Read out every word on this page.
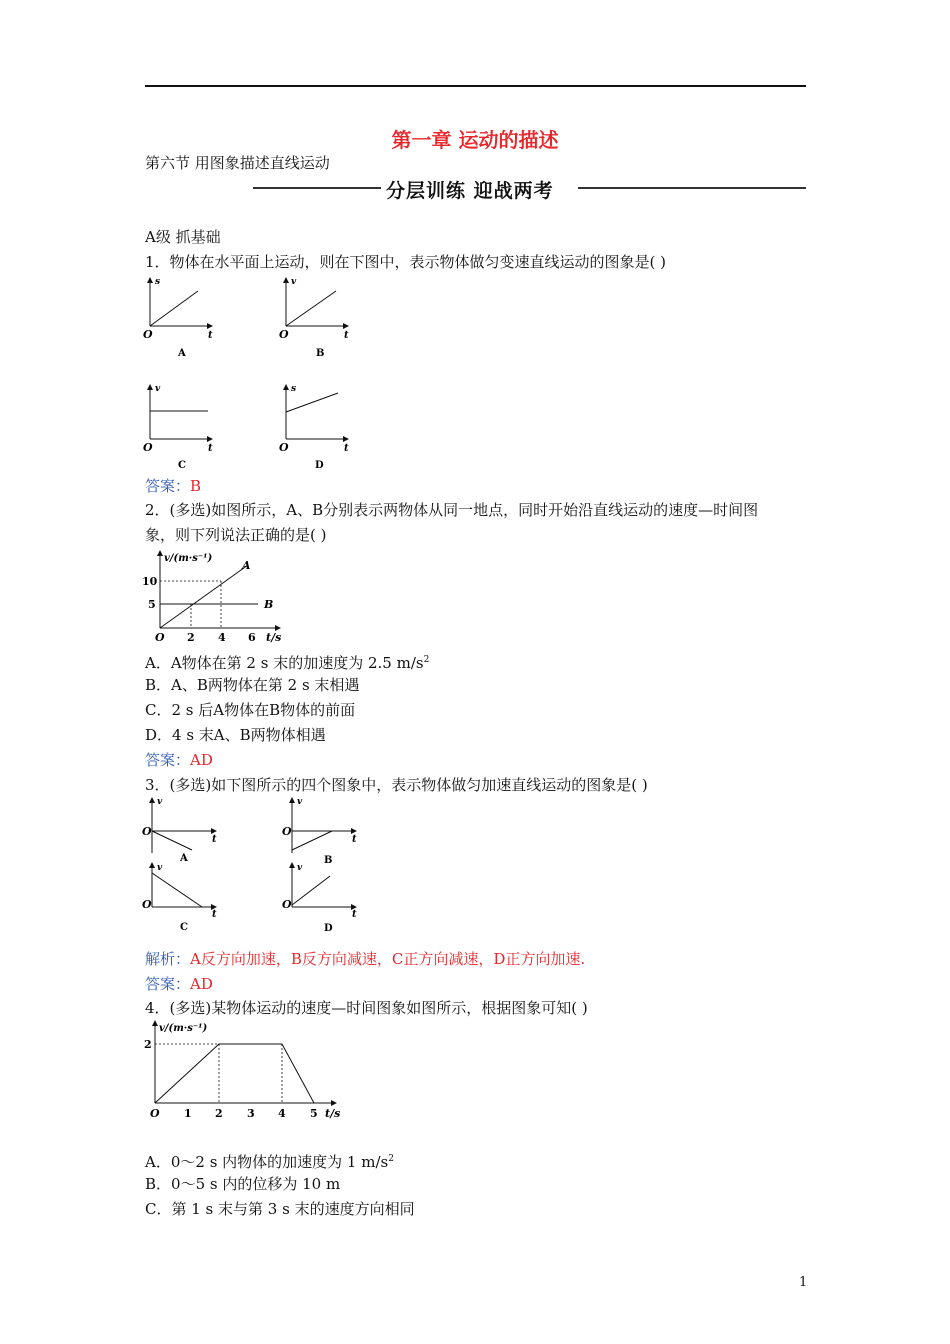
第一章 运动的描述
第六节 用图象描述直线运动
分层训练 迎战两考
A级 抓基础
1．物体在水平面上运动，则在下图中，表示物体做匀变速直线运动的图象是( )
s
O	t
A
v
O	t
B
v
O	t
C
s
O	t
D
答案：B
2．(多选)如图所示，A、B分别表示两物体从同一地点，同时开始沿直线运动的速度—时间图
象，则下列说法正确的是( )
v/(m·s⁻¹)
10
5
O 2 4 6 t/s
A
B
A．A物体在第 2 s 末的加速度为 2.5 $m/s^2$
B．A、B两物体在第 2 s 末相遇
C．2 s 后A物体在B物体的前面
D．4 s 末A、B两物体相遇
答案：AD
3．(多选)如下图所示的四个图象中，表示物体做匀加速直线运动的图象是( )
v
O
t
A
v
O
t
B
v
O
t
C
v
O
t
D
解析：A反方向加速，B反方向减速，C正方向减速，D正方向加速.
答案：AD
4．(多选)某物体运动的速度—时间图象如图所示，根据图象可知( )
v/(m·s⁻¹)
2
O 1 2 3 4 5 t/s
A．0～2 s 内物体的加速度为 1 $m/s^2$
B．0～5 s 内的位移为 10 m
C．第 1 s 末与第 3 s 末的速度方向相同
1
